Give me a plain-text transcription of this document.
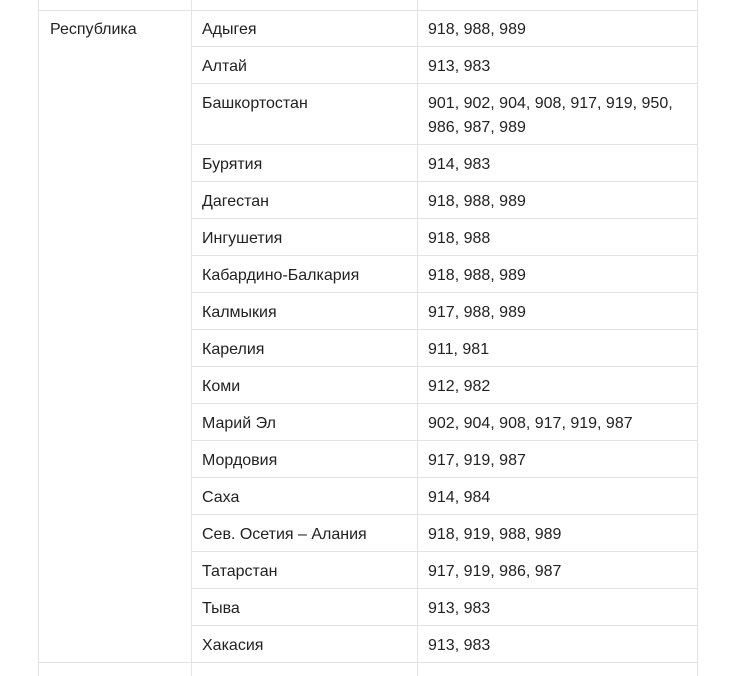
Республика	Адыгея	918, 988, 989
Алтай	913, 983
Башкортостан	901, 902, 904, 908, 917, 919, 950, 986, 987, 989
Бурятия	914, 983
Дагестан	918, 988, 989
Ингушетия	918, 988
Кабардино-Балкария	918, 988, 989
Калмыкия	917, 988, 989
Карелия	911, 981
Коми	912, 982
Марий Эл	902, 904, 908, 917, 919, 987
Мордовия	917, 919, 987
Саха	914, 984
Сев. Осетия – Алания	918, 919, 988, 989
Татарстан	917, 919, 986, 987
Тыва	913, 983
Хакасия	913, 983
